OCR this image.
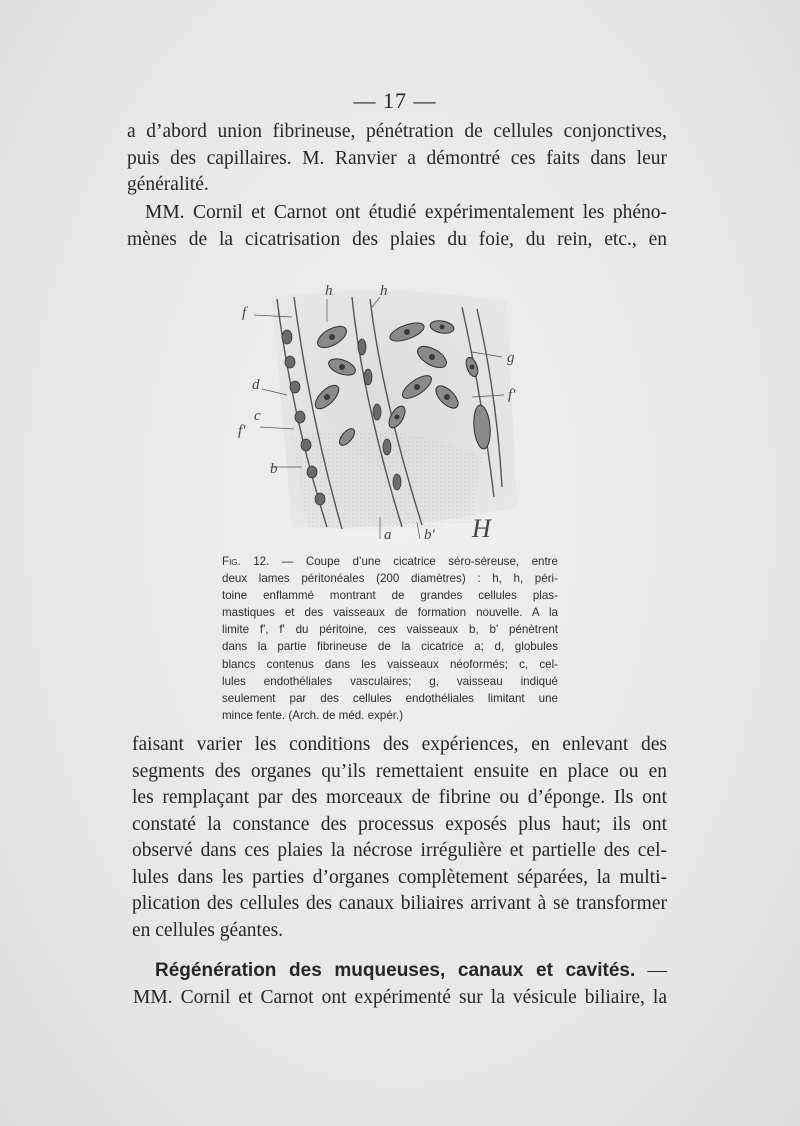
— 17 —

a d’abord union fibrineuse, pénétration de cellules conjonctives,
puis des capillaires. M. Ranvier a démontré ces faits dans leur
généralité.

MM. Cornil et Carnot ont étudié expérimentalement les phéno-
mènes de la cicatrisation des plaies du foie, du rein, etc., en

f
h	h
g
d
f'
c
f'
b
a b' H
Fig. 12. — Coupe d’une cicatrice séro-séreuse, entre
deux lames péritonéales (200 diamètres) : h, h, péri-
toine enflammé montrant de grandes cellules plas-
mastiques et des vaisseaux de formation nouvelle. A la
limite f', f' du péritoine, ces vaisseaux b, b' pénètrent
dans la partie fibrineuse de la cicatrice a; d, globules
blancs contenus dans les vaisseaux néoformés; c, cel-
lules endothéliales vasculaires; g, vaisseau indiqué
seulement par des cellules endothéliales limitant une
mince fente. (Arch. de méd. expér.)

faisant varier les conditions des expériences, en enlevant des
segments des organes qu’ils remettaient ensuite en place ou en
les remplaçant par des morceaux de fibrine ou d’éponge. Ils ont
constaté la constance des processus exposés plus haut; ils ont
observé dans ces plaies la nécrose irrégulière et partielle des cel-
lules dans les parties d’organes complètement séparées, la multi-
plication des cellules des canaux biliaires arrivant à se transformer
en cellules géantes.

Régénération des muqueuses, canaux et cavités. —
MM. Cornil et Carnot ont expérimenté sur la vésicule biliaire, la
